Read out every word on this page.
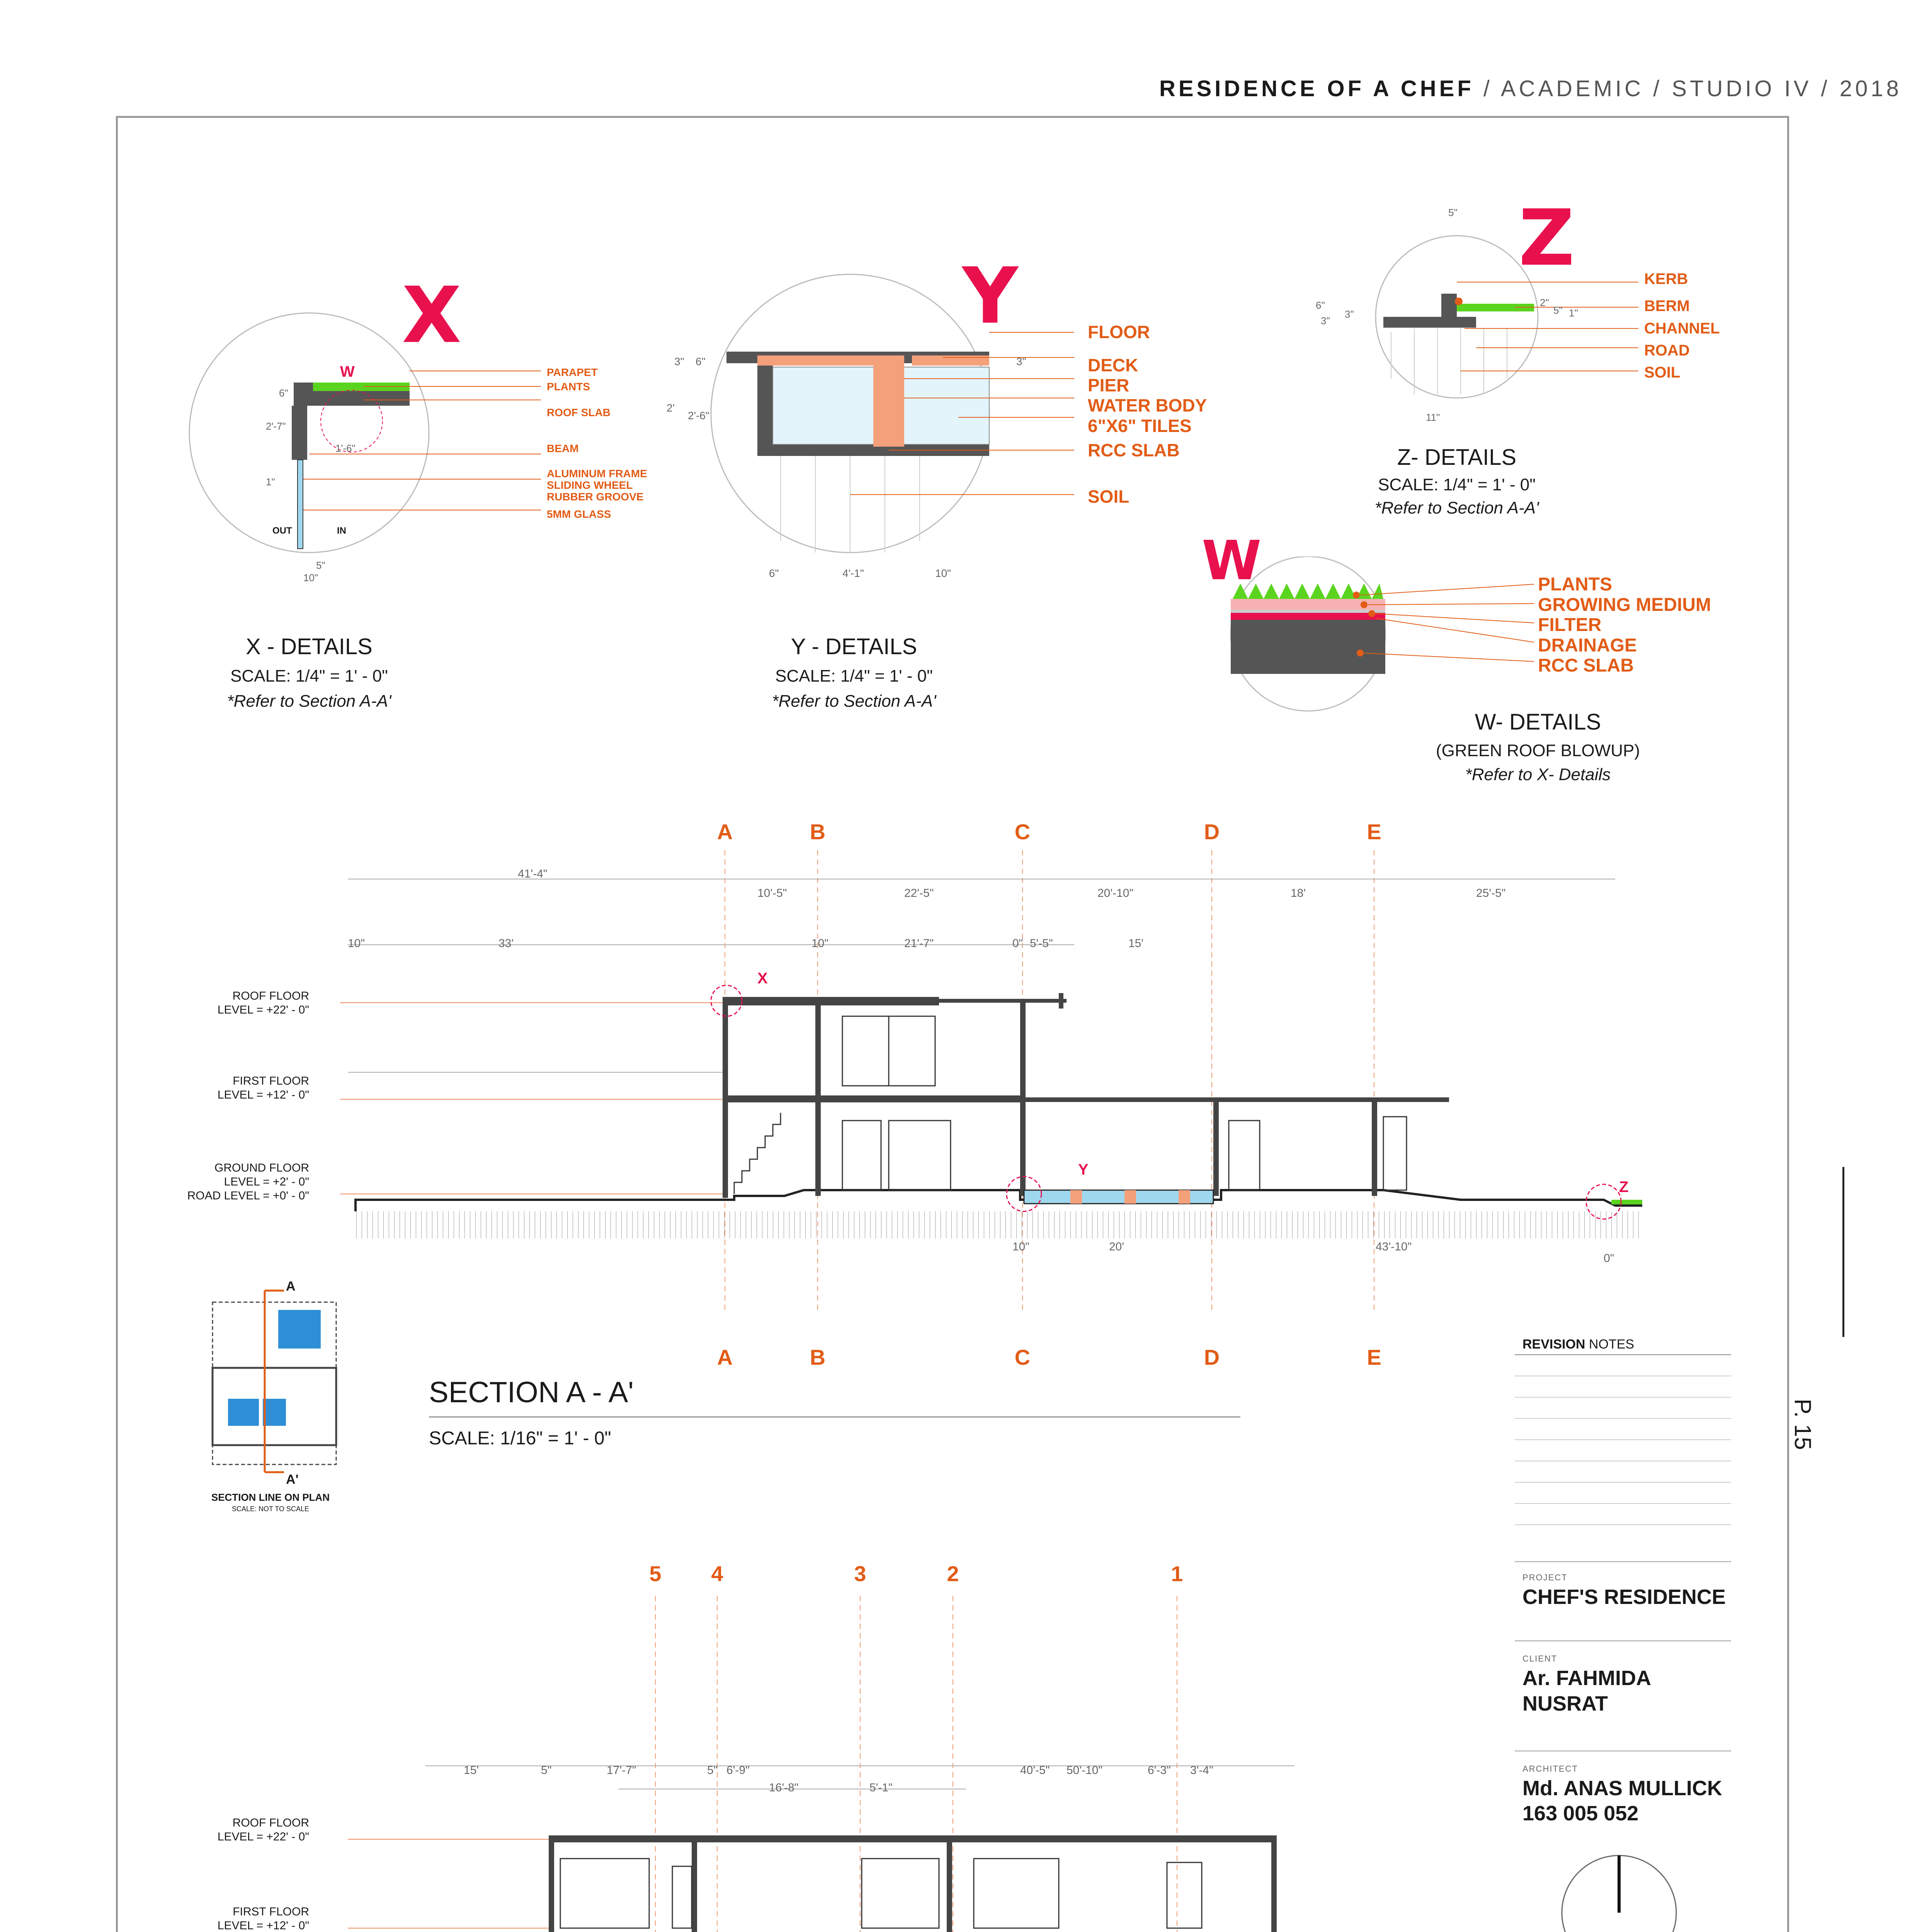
RESIDENCE OF A CHEF / ACADEMIC / STUDIO IV / 2018
P. 15
X
W	PARAPET
PLANTS
ROOF SLAB
BEAM
ALUMINUM FRAME
SLIDING WHEEL
RUBBER GROOVE
5MM GLASS
6"
2'-7"
1'-6"
1"
5"
10"
OUT	IN
X - DETAILS
SCALE: 1/4" = 1' - 0"
*Refer to Section A-A'
Y	FLOOR
DECK
PIER
WATER BODY
6"X6" TILES
RCC SLAB
SOIL
3" 6"
2'
2'-6"
3"
6"	4'-1"	10"
Y - DETAILS
SCALE: 1/4" = 1' - 0"
*Refer to Section A-A'
Z	KERB
BERM
CHANNEL
ROAD
SOIL
5"
6"
3"
3"
2"
5" 1"
11"
Z- DETAILS
SCALE: 1/4" = 1' - 0"
*Refer to Section A-A'
W	PLANTS
GROWING MEDIUM
FILTER
DRAINAGE
RCC SLAB
W- DETAILS
(GREEN ROOF BLOWUP)
*Refer to X- Details
A	B	C	D	E
A	B	C	D	E
X
Y
Z
41'-4"
10'-5"	22'-5"	20'-10"	18'	25'-5"
10"	33'	10"	21'-7"	0" 5'-5"	15'
10"	20'	43'-10"
0"
ROOF FLOOR
LEVEL = +22' - 0"
FIRST FLOOR
LEVEL = +12' - 0"
GROUND FLOOR
LEVEL = +2' - 0"
ROAD LEVEL = +0' - 0"
A
A'
SECTION LINE ON PLAN
SCALE: NOT TO SCALE
SECTION A - A'
SCALE: 1/16" = 1' - 0"
5	4	3	2	1
15'	5"	17'-7"	5" 6'-9"
16'-8"	5'-1"
40'-5" 50'-10"	6'-3" 3'-4"
ROOF FLOOR
LEVEL = +22' - 0"
FIRST FLOOR
LEVEL = +12' - 0"
REVISION NOTES
PROJECT
CHEF'S RESIDENCE
CLIENT
Ar. FAHMIDA NUSRAT
ARCHITECT
Md. ANAS MULLICK
163 005 052
